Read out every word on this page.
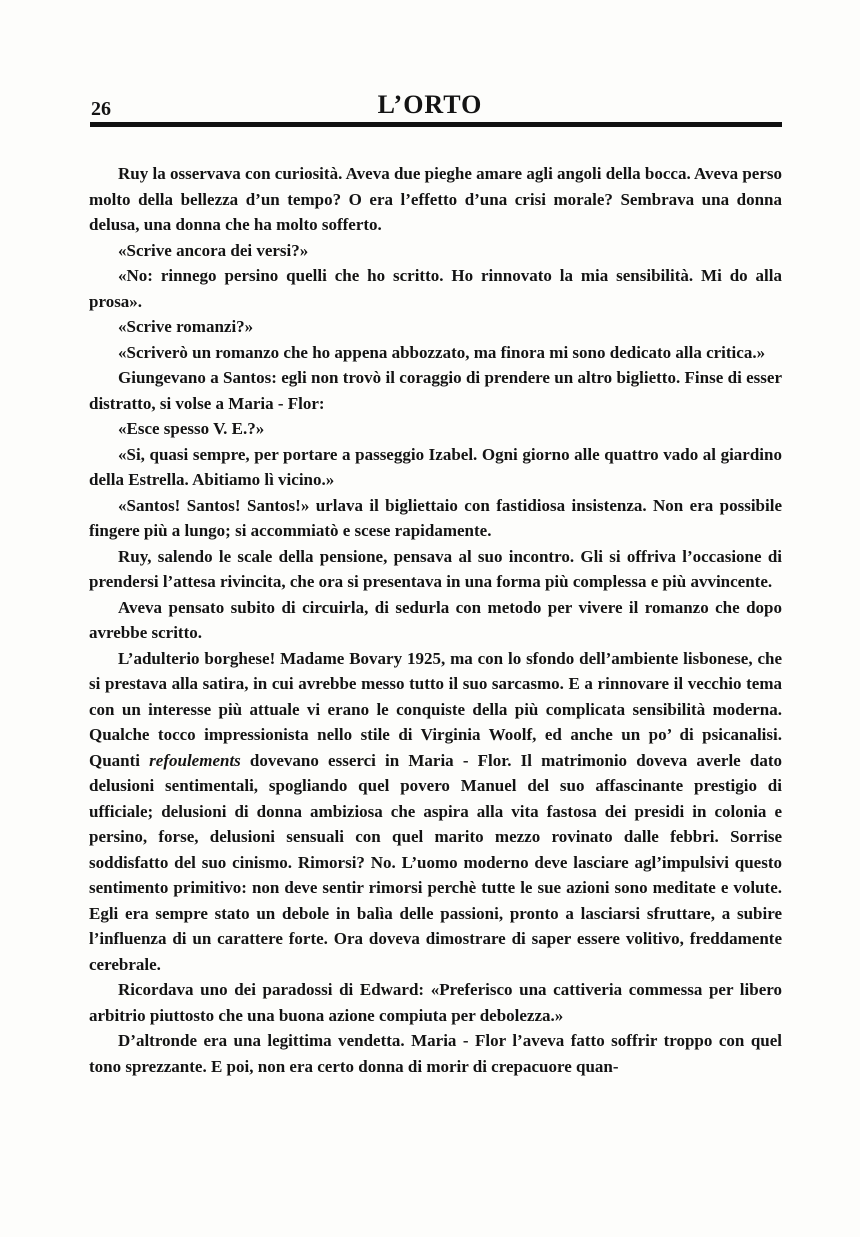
26	L’ORTO

Ruy la osservava con curiosità. Aveva due pieghe amare agli angoli della bocca. Aveva perso molto della bellezza d’un tempo? O era l’effetto d’una crisi morale? Sembrava una donna delusa, una donna che ha molto sofferto.

«Scrive ancora dei versi?»

«No: rinnego persino quelli che ho scritto. Ho rinnovato la mia sensibilità. Mi do alla prosa».

«Scrive romanzi?»

«Scriverò un romanzo che ho appena abbozzato, ma finora mi sono dedicato alla critica.»

Giungevano a Santos: egli non trovò il coraggio di prendere un altro biglietto. Finse di esser distratto, si volse a Maria - Flor:

«Esce spesso V. E.?»

«Si, quasi sempre, per portare a passeggio Izabel. Ogni giorno alle quattro vado al giardino della Estrella. Abitiamo lì vicino.»

«Santos! Santos! Santos!» urlava il bigliettaio con fastidiosa insistenza. Non era possibile fingere più a lungo; si accommiatò e scese rapidamente.

Ruy, salendo le scale della pensione, pensava al suo incontro. Gli si offriva l’occasione di prendersi l’attesa rivincita, che ora si presentava in una forma più complessa e più avvincente.

Aveva pensato subito di circuirla, di sedurla con metodo per vivere il romanzo che dopo avrebbe scritto.

L’adulterio borghese! Madame Bovary 1925, ma con lo sfondo dell’ambiente lisbonese, che si prestava alla satira, in cui avrebbe messo tutto il suo sarcasmo. E a rinnovare il vecchio tema con un interesse più attuale vi erano le conquiste della più complicata sensibilità moderna. Qualche tocco impressionista nello stile di Virginia Woolf, ed anche un po’ di psicanalisi. Quanti refoulements dovevano esserci in Maria - Flor. Il matrimonio doveva averle dato delusioni sentimentali, spogliando quel povero Manuel del suo affascinante prestigio di ufficiale; delusioni di donna ambiziosa che aspira alla vita fastosa dei presidi in colonia e persino, forse, delusioni sensuali con quel marito mezzo rovinato dalle febbri. Sorrise soddisfatto del suo cinismo. Rimorsi? No. L’uomo moderno deve lasciare agl’impulsivi questo sentimento primitivo: non deve sentir rimorsi perchè tutte le sue azioni sono meditate e volute. Egli era sempre stato un debole in balìa delle passioni, pronto a lasciarsi sfruttare, a subire l’influenza di un carattere forte. Ora doveva dimostrare di saper essere volitivo, freddamente cerebrale.

Ricordava uno dei paradossi di Edward: «Preferisco una cattiveria commessa per libero arbitrio piuttosto che una buona azione compiuta per debolezza.»

D’altronde era una legittima vendetta. Maria - Flor l’aveva fatto soffrir troppo con quel tono sprezzante. E poi, non era certo donna di morir di crepacuore quan-
